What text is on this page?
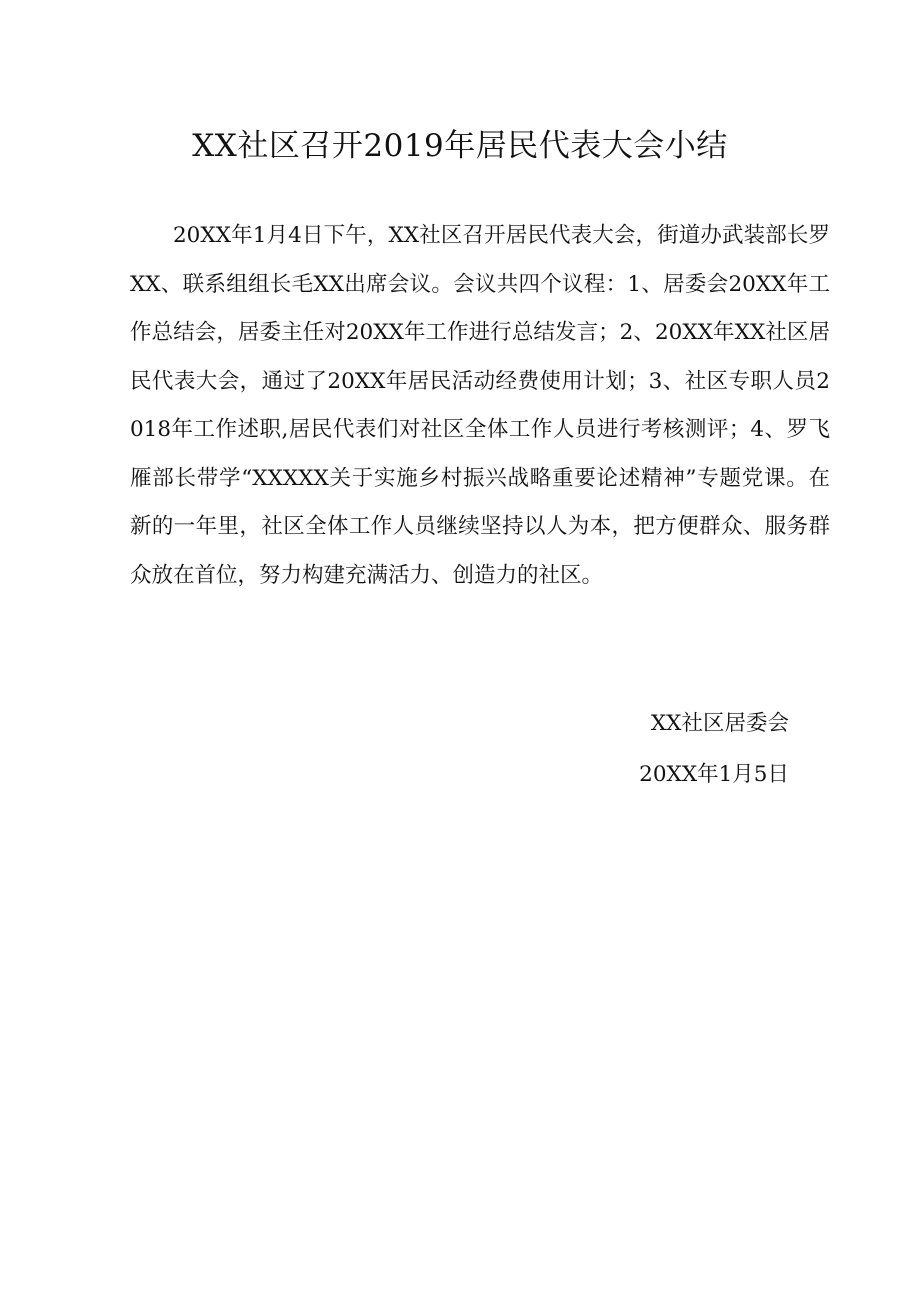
XX社区召开2019年居民代表大会小结

20XX年1月4日下午，XX社区召开居民代表大会，街道办武装部长罗XX、联系组组长毛XX出席会议。会议共四个议程：1、居委会20XX年工作总结会，居委主任对20XX年工作进行总结发言；2、20XX年XX社区居民代表大会，通过了20XX年居民活动经费使用计划；3、社区专职人员2018年工作述职,居民代表们对社区全体工作人员进行考核测评；4、罗飞雁部长带学“XXXXX关于实施乡村振兴战略重要论述精神”专题党课。在新的一年里，社区全体工作人员继续坚持以人为本，把方便群众、服务群众放在首位，努力构建充满活力、创造力的社区。

XX社区居委会

20XX年1月5日
